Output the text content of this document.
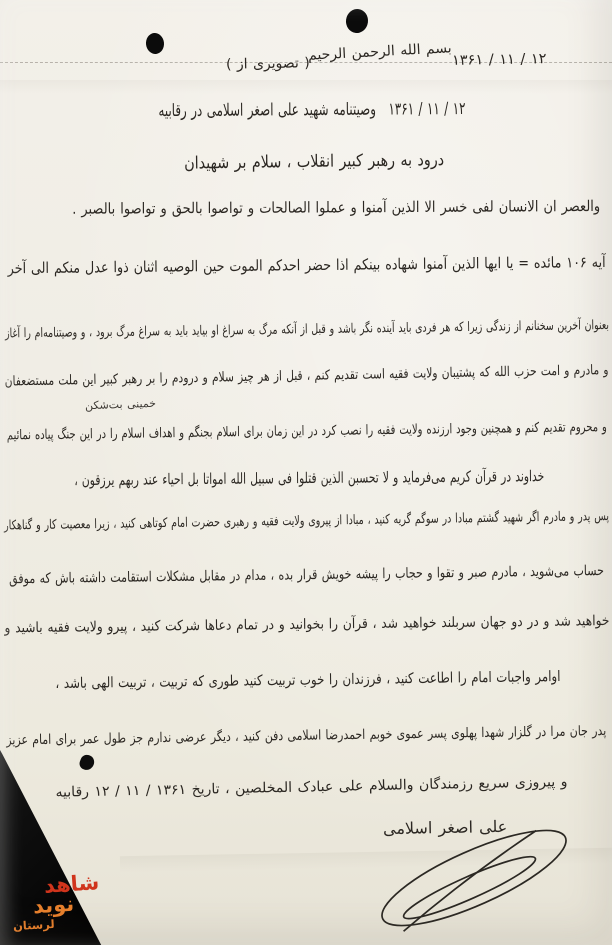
۱۳۶۱ / ۱۱ / ۱۲
بسم الله الرحمن الرحیم
( تصویری از )
۱۳۶۱ / ۱۱ / ۱۲وصیتنامه شهید علی اصغر اسلامی در رقابیه
درود به رهبر کبیر انقلاب ، سلام بر شهیدان
والعصر ان الانسان لفی خسر الا الذین آمنوا و عملوا الصالحات و تواصوا بالحق و تواصوا بالصبر .
آیه ۱۰۶ مائده = یا ایها الذین آمنوا شهاده بینکم اذا حضر احدکم الموت حین الوصیه اثنان ذوا عدل منکم الی آخر
بعنوان آخرین سخنانم از زندگی زیرا که هر فردی باید آینده نگر باشد و قبل از آنکه مرگ به سراغ او بیاید باید به سراغ مرگ برود ، و وصیتنامه‌ام را آغاز
و مادرم و امت حزب الله که پشتیبان ولایت فقیه است تقدیم کنم ، قبل از هر چیز سلام و درودم را بر رهبر کبیر این ملت مستضعفان
خمینی بت‌شکن
و محروم تقدیم کنم و همچنین وجود ارزنده ولایت فقیه را نصب کرد در این زمان برای اسلام بجنگم و اهداف اسلام را در این جنگ پیاده نمائیم
خداوند در قرآن کریم می‌فرماید و لا تحسبن الذین قتلوا فی سبیل الله امواتا بل احیاء عند ربهم یرزقون ،
پس پدر و مادرم اگر شهید گشتم مبادا در سوگم گریه کنید ، مبادا از پیروی ولایت فقیه و رهبری حضرت امام کوتاهی کنید ، زیرا معصیت کار و گناهکار
حساب می‌شوید ، مادرم صبر و تقوا و حجاب را پیشه خویش قرار بده ، مدام در مقابل مشکلات استقامت داشته باش که موفق
خواهید شد و در دو جهان سربلند خواهید شد ، قرآن را بخوانید و در تمام دعاها شرکت کنید ، پیرو ولایت فقیه باشید و
اوامر واجبات امام را اطاعت کنید ، فرزندان را خوب تربیت کنید طوری که تربیت ، تربیت الهی باشد ،
پدر جان مرا در گلزار شهدا پهلوی پسر عموی خوبم احمدرضا اسلامی دفن کنید ، دیگر عرضی ندارم جز طول عمر برای امام عزیز
و پیروزی سریع رزمندگان والسلام علی عبادک المخلصین ، تاریخ ۱۳۶۱ / ۱۱ / ۱۲ رقابیه
علی اصغر اسلامی
شاهد
نوید
لرستان
